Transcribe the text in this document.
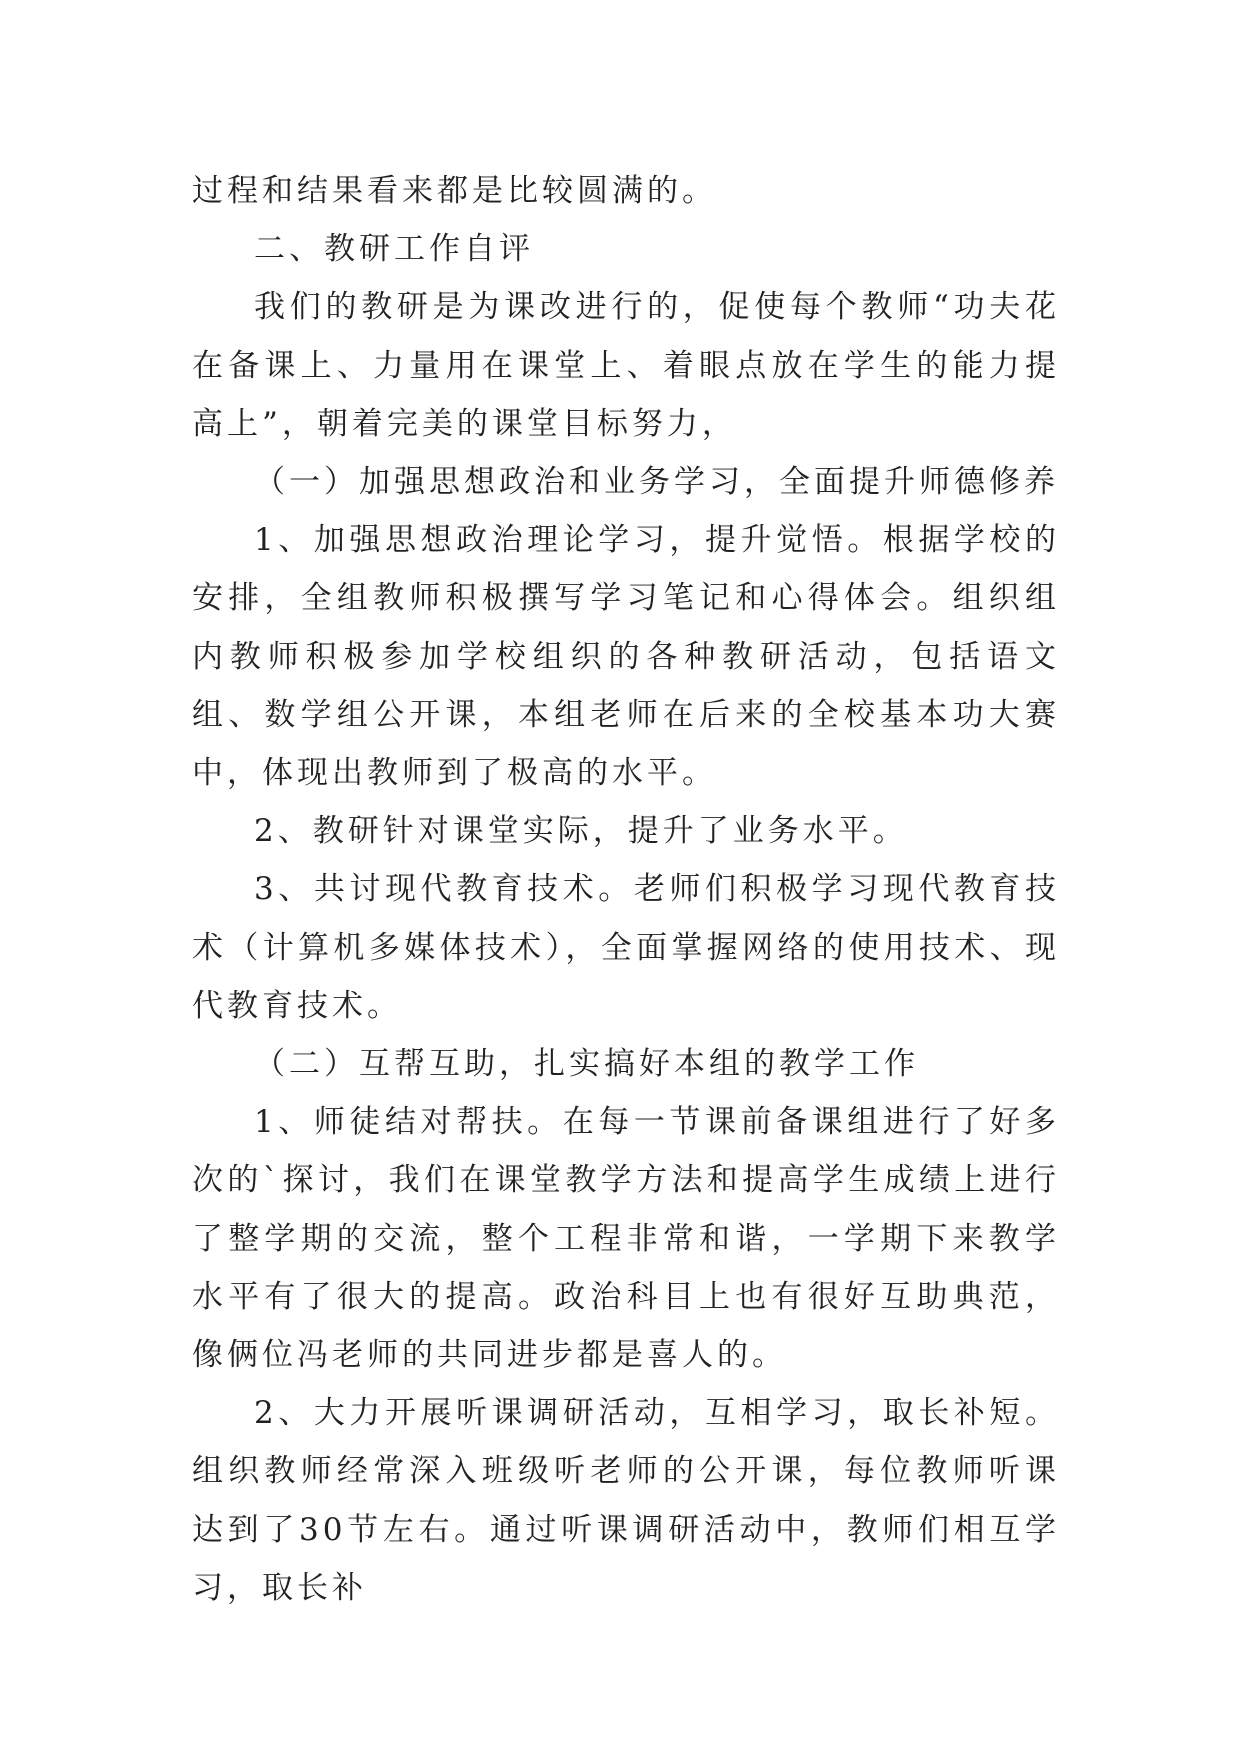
过程和结果看来都是比较圆满的。

二、教研工作自评

我们的教研是为课改进行的，促使每个教师“功夫花在备课上、力量用在课堂上、着眼点放在学生的能力提高上”，朝着完美的课堂目标努力，

（一）加强思想政治和业务学习，全面提升师德修养

1、加强思想政治理论学习，提升觉悟。根据学校的安排，全组教师积极撰写学习笔记和心得体会。组织组内教师积极参加学校组织的各种教研活动，包括语文组、数学组公开课，本组老师在后来的全校基本功大赛中，体现出教师到了极高的水平。

2、教研针对课堂实际，提升了业务水平。

3、共讨现代教育技术。老师们积极学习现代教育技术（计算机多媒体技术），全面掌握网络的使用技术、现代教育技术。

（二）互帮互助，扎实搞好本组的教学工作

1、师徒结对帮扶。在每一节课前备课组进行了好多次的`探讨，我们在课堂教学方法和提高学生成绩上进行了整学期的交流，整个工程非常和谐，一学期下来教学水平有了很大的提高。政治科目上也有很好互助典范，像俩位冯老师的共同进步都是喜人的。

2、大力开展听课调研活动，互相学习，取长补短。组织教师经常深入班级听老师的公开课，每位教师听课达到了30节左右。通过听课调研活动中，教师们相互学习，取长补
